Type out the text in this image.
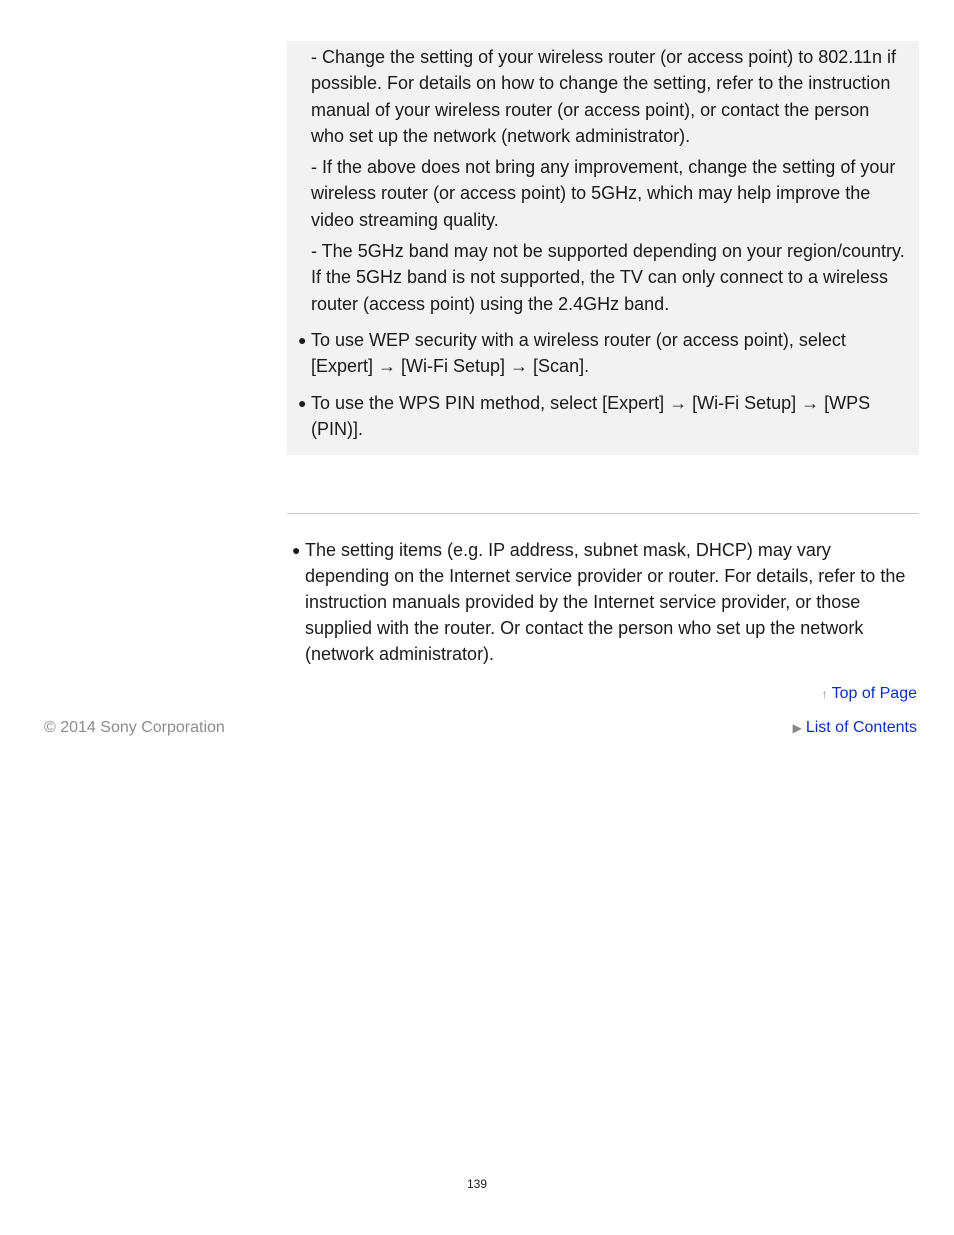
- Change the setting of your wireless router (or access point) to 802.11n if possible. For details on how to change the setting, refer to the instruction manual of your wireless router (or access point), or contact the person who set up the network (network administrator).

- If the above does not bring any improvement, change the setting of your wireless router (or access point) to 5GHz, which may help improve the video streaming quality.

- The 5GHz band may not be supported depending on your region/country. If the 5GHz band is not supported, the TV can only connect to a wireless router (access point) using the 2.4GHz band.

● To use WEP security with a wireless router (or access point), select [Expert] → [Wi-Fi Setup] → [Scan].
● To use the WPS PIN method, select [Expert] → [Wi-Fi Setup] → [WPS (PIN)].
● The setting items (e.g. IP address, subnet mask, DHCP) may vary depending on the Internet service provider or router. For details, refer to the instruction manuals provided by the Internet service provider, or those supplied with the router. Or contact the person who set up the network (network administrator).
↑ Top of Page
© 2014 Sony Corporation	▶ List of Contents
139
